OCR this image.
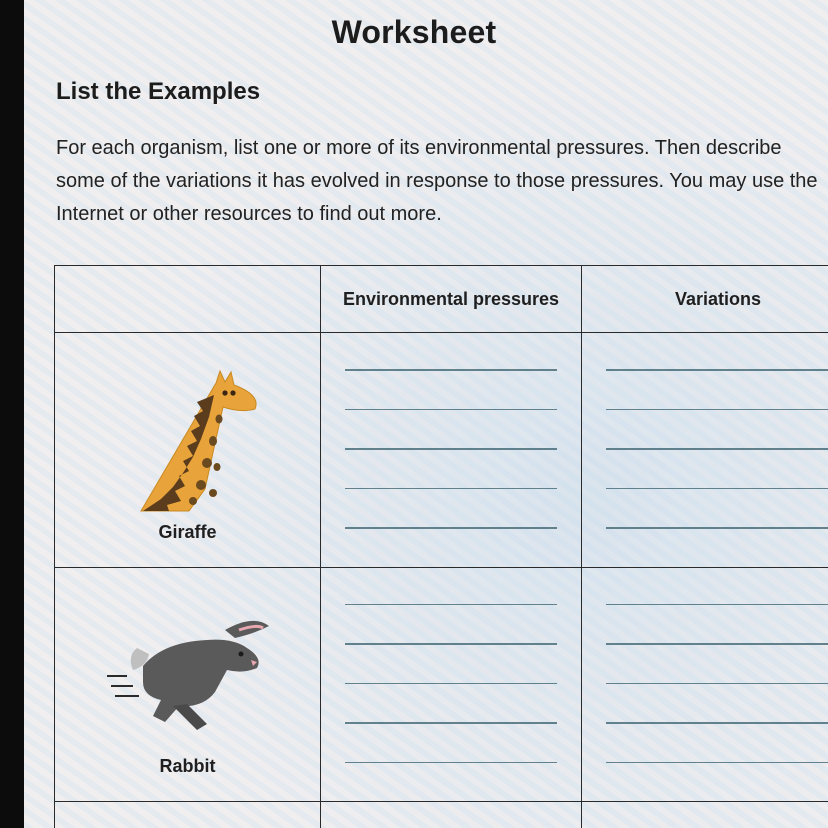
Worksheet
List the Examples
For each organism, list one or more of its environmental pressures. Then describe some of the variations it has evolved in response to those pressures. You may use the Internet or other resources to find out more.
	Environmental pressures	Variations

Giraffe		

Rabbit		
